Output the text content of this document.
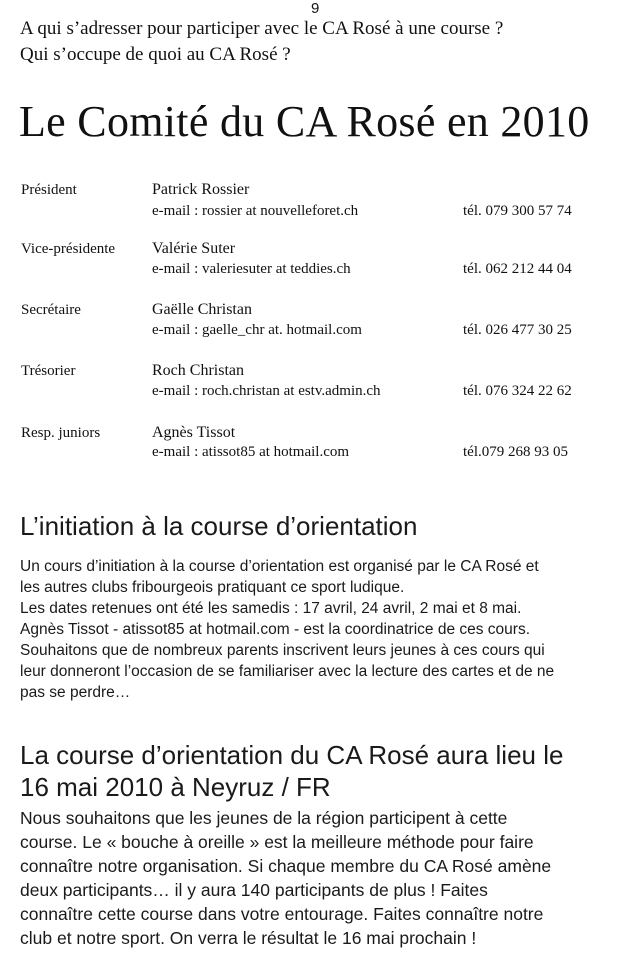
9
A qui s’adresser pour participer avec le CA Rosé à une course ?
Qui s’occupe de quoi au CA Rosé ?
Le Comité du CA Rosé en 2010
Président	Patrick Rossier
e-mail : rossier at nouvelleforet.ch	tél. 079 300 57 74
Vice-présidente Valérie Suter
e-mail : valeriesuter at teddies.ch	tél. 062 212 44 04
Secrétaire	Gaëlle Christan
e-mail : gaelle_chr at. hotmail.com	tél. 026 477 30 25
Trésorier	Roch Christan
e-mail : roch.christan at estv.admin.ch	tél. 076 324 22 62
Resp. juniors	Agnès Tissot
e-mail : atissot85 at hotmail.com	tél.079 268 93 05
L’initiation à la course d’orientation
Un cours d’initiation à la course d’orientation est organisé par le CA Rosé et
les autres clubs fribourgeois pratiquant ce sport ludique.
Les dates retenues ont été les samedis : 17 avril, 24 avril, 2 mai et 8 mai.
Agnès Tissot - atissot85 at hotmail.com - est la coordinatrice de ces cours.
Souhaitons que de nombreux parents inscrivent leurs jeunes à ces cours qui
leur donneront l’occasion de se familiariser avec la lecture des cartes et de ne
pas se perdre…
La course d’orientation du CA Rosé aura lieu le
16 mai 2010 à Neyruz / FR
Nous souhaitons que les jeunes de la région participent à cette
course. Le « bouche à oreille » est la meilleure méthode pour faire
connaître notre organisation. Si chaque membre du CA Rosé amène
deux participants… il y aura 140 participants de plus ! Faites
connaître cette course dans votre entourage. Faites connaître notre
club et notre sport. On verra le résultat le 16 mai prochain !
